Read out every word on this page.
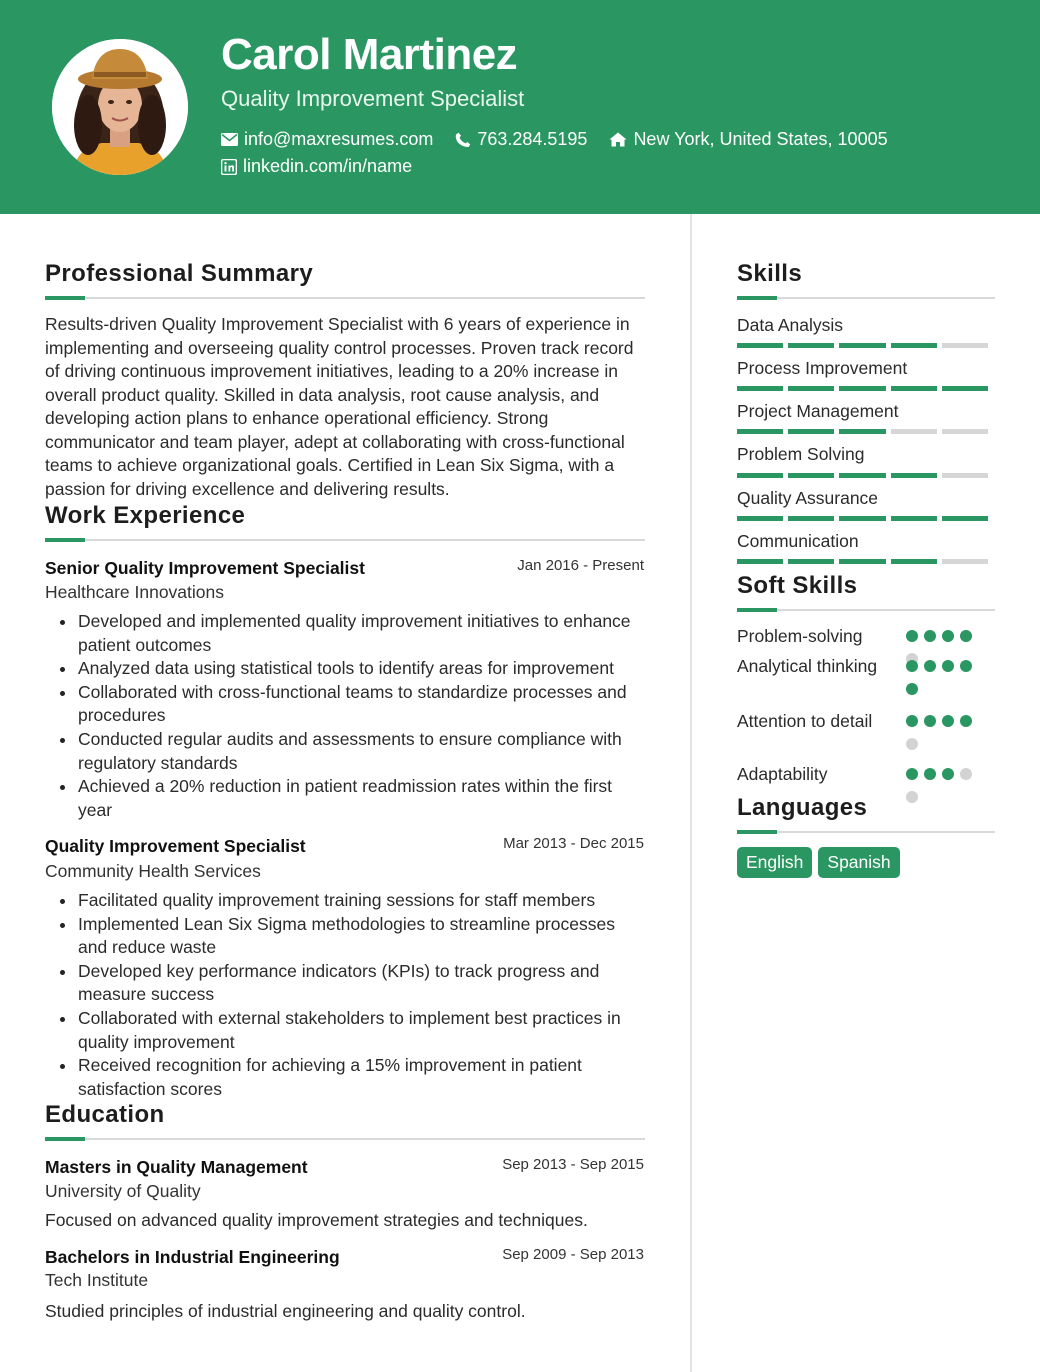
Carol Martinez
Quality Improvement Specialist
info@maxresumes.com 763.284.5195	New York, United States, 10005
linkedin.com/in/name
Professional Summary
Results-driven Quality Improvement Specialist with 6 years of experience in implementing and overseeing quality control processes. Proven track record of driving continuous improvement initiatives, leading to a 20% increase in overall product quality. Skilled in data analysis, root cause analysis, and developing action plans to enhance operational efficiency. Strong communicator and team player, adept at collaborating with cross-functional teams to achieve organizational goals. Certified in Lean Six Sigma, with a passion for driving excellence and delivering results.
Work Experience
Senior Quality Improvement Specialist	Jan 2016 - Present
Healthcare Innovations
Developed and implemented quality improvement initiatives to enhance patient outcomes
Analyzed data using statistical tools to identify areas for improvement
Collaborated with cross-functional teams to standardize processes and procedures
Conducted regular audits and assessments to ensure compliance with regulatory standards
Achieved a 20% reduction in patient readmission rates within the first year
Quality Improvement Specialist	Mar 2013 - Dec 2015
Community Health Services
Facilitated quality improvement training sessions for staff members
Implemented Lean Six Sigma methodologies to streamline processes and reduce waste
Developed key performance indicators (KPIs) to track progress and measure success
Collaborated with external stakeholders to implement best practices in quality improvement
Received recognition for achieving a 15% improvement in patient satisfaction scores
Education
Masters in Quality Management	Sep 2013 - Sep 2015
University of Quality
Focused on advanced quality improvement strategies and techniques.
Bachelors in Industrial Engineering	Sep 2009 - Sep 2013
Tech Institute
Studied principles of industrial engineering and quality control.
Skills
Data Analysis
Process Improvement
Project Management
Problem Solving
Quality Assurance
Communication
Soft Skills
Problem-solving
Analytical thinking
Attention to detail
Adaptability
Languages
English	Spanish
